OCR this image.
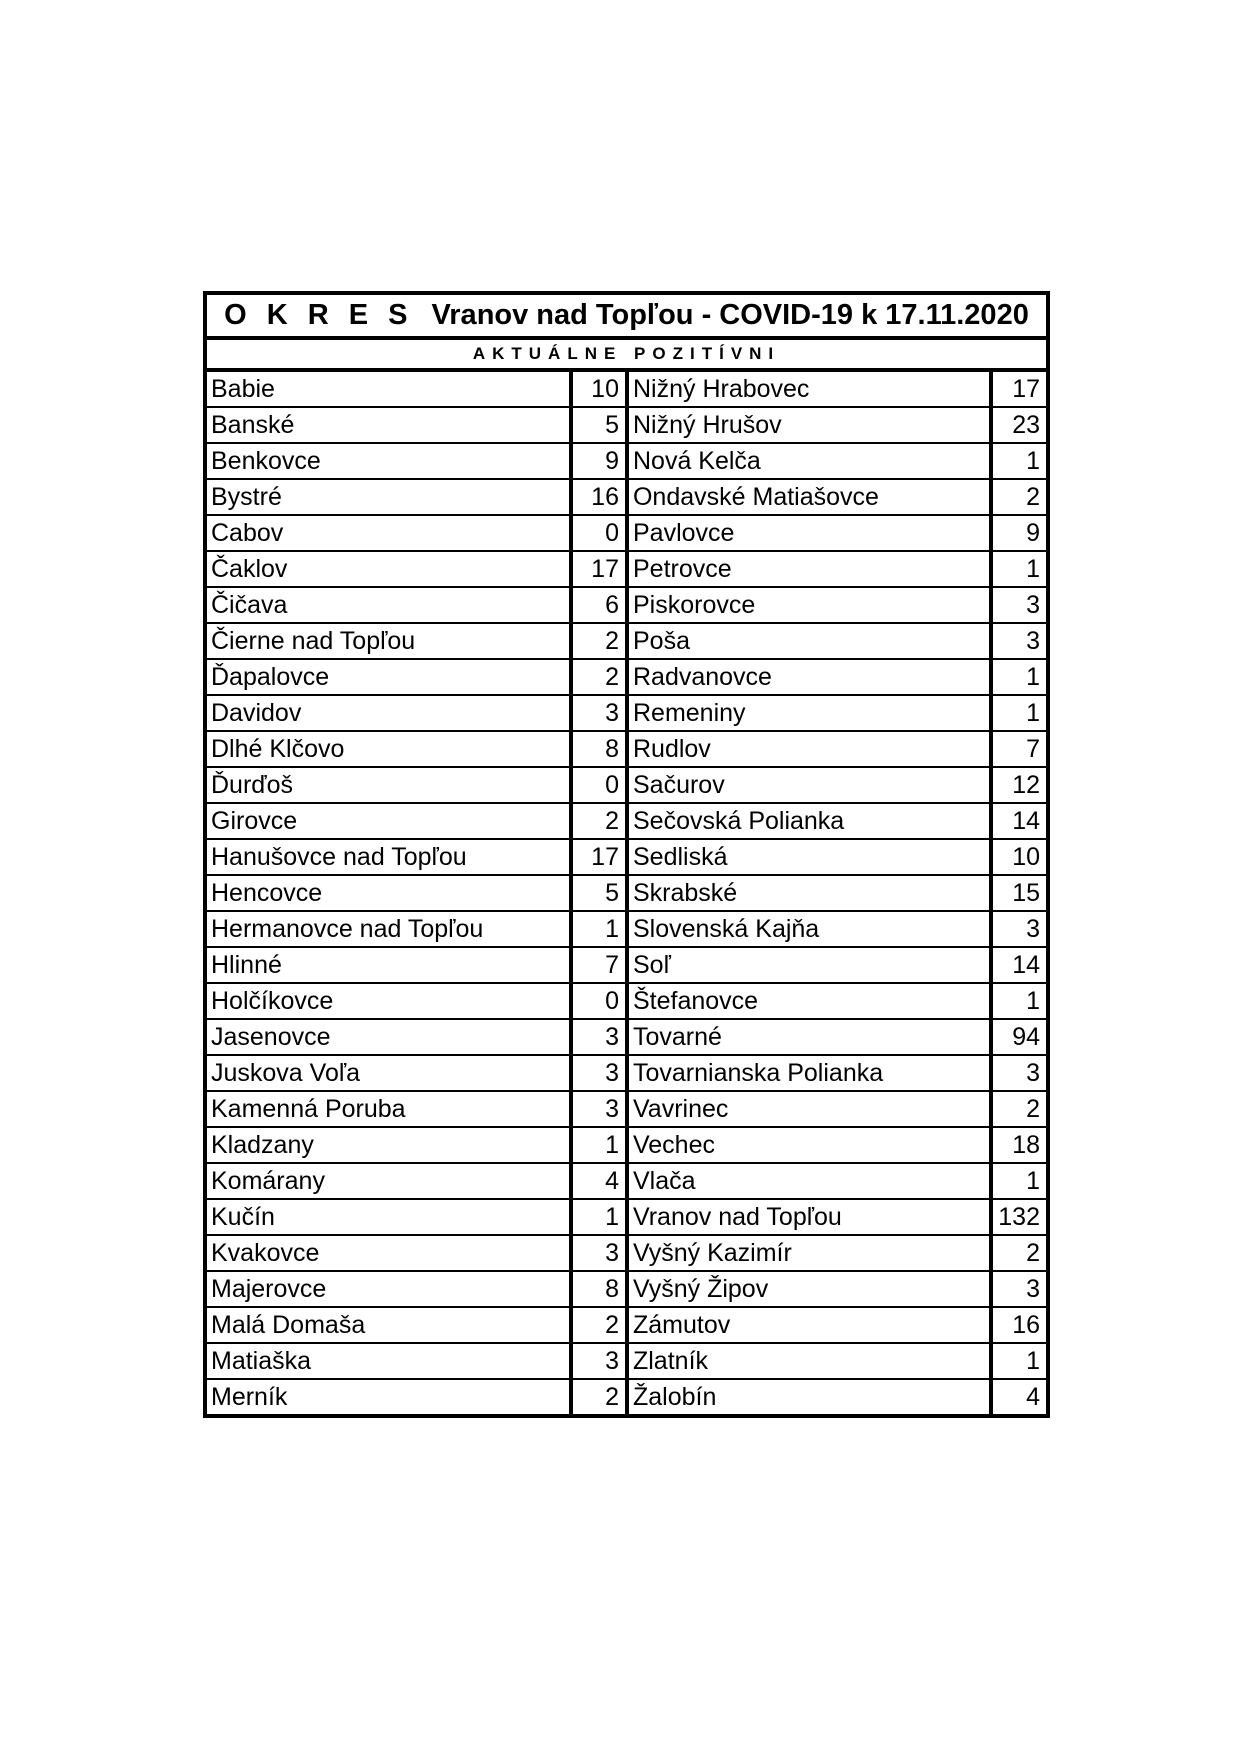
O K R E S Vranov nad Topľou - COVID-19 k 17.11.2020			
AKTUÁLNE POZITÍVNI			
Babie	10	Nižný Hrabovec	17
Banské	5	Nižný Hrušov	23
Benkovce	9	Nová Kelča	1
Bystré	16	Ondavské Matiašovce	2
Cabov	0	Pavlovce	9
Čaklov	17	Petrovce	1
Čičava	6	Piskorovce	3
Čierne nad Topľou	2	Poša	3
Ďapalovce	2	Radvanovce	1
Davidov	3	Remeniny	1
Dlhé Klčovo	8	Rudlov	7
Ďurďoš	0	Sačurov	12
Girovce	2	Sečovská Polianka	14
Hanušovce nad Topľou	17	Sedliská	10
Hencovce	5	Skrabské	15
Hermanovce nad Topľou	1	Slovenská Kajňa	3
Hlinné	7	Soľ	14
Holčíkovce	0	Štefanovce	1
Jasenovce	3	Tovarné	94
Juskova Voľa	3	Tovarnianska Polianka	3
Kamenná Poruba	3	Vavrinec	2
Kladzany	1	Vechec	18
Komárany	4	Vlača	1
Kučín	1	Vranov nad Topľou	132
Kvakovce	3	Vyšný Kazimír	2
Majerovce	8	Vyšný Žipov	3
Malá Domaša	2	Zámutov	16
Matiaška	3	Zlatník	1
Merník	2	Žalobín	4
